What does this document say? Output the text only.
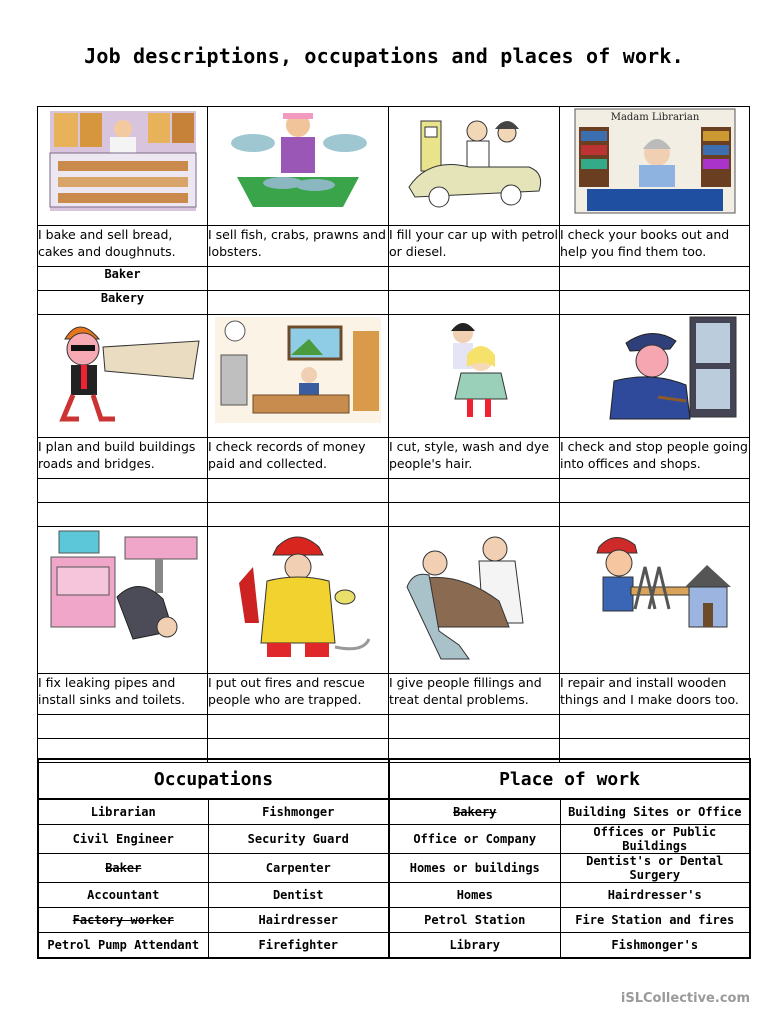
Job descriptions, occupations and places of work.

Madam Librarian

I bake and sell bread, cakes and doughnuts.	I sell fish, crabs, prawns and lobsters.	I fill your car up with petrol or diesel.	I check your books out and help you find them too.
Baker			
Bakery			

I plan and build buildings roads and bridges.	I check records of money paid and collected.	I cut, style, wash and dye people's hair.	I check and stop people going into offices and shops.

I fix leaking pipes and install sinks and toilets.	I put out fires and rescue people who are trapped.	I give people fillings and treat dental problems.	I repair and install wooden things and I make doors too.

Occupations		Place of work	
Librarian	Fishmonger	Bakery	Building Sites or Office
Civil Engineer	Security Guard	Office or Company	Offices or Public Buildings
Baker	Carpenter	Homes or buildings	Dentist's or Dental Surgery
Accountant	Dentist	Homes	Hairdresser's
Factory worker	Hairdresser	Petrol Station	Fire Station and fires
Petrol Pump Attendant	Firefighter	Library	Fishmonger's
iSLCollective.com
